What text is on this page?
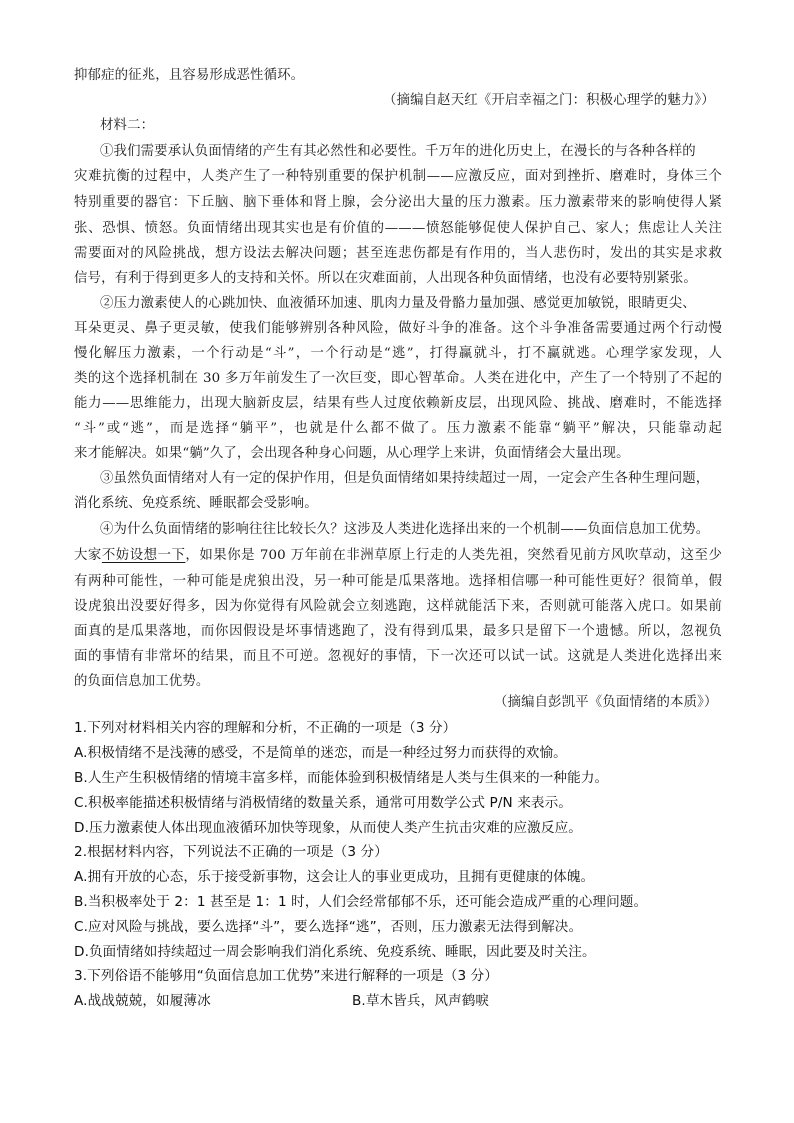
抑郁症的征兆，且容易形成恶性循环。
（摘编自赵天红《开启幸福之门：积极心理学的魅力》）
材料二：
①我们需要承认负面情绪的产生有其必然性和必要性。千万年的进化历史上，在漫长的与各种各样的
灾难抗衡的过程中，人类产生了一种特别重要的保护机制——应激反应，面对到挫折、磨难时，身体三个
特别重要的器官：下丘脑、脑下垂体和肾上腺，会分泌出大量的压力激素。压力激素带来的影响使得人紧
张、恐惧、愤怒。负面情绪出现其实也是有价值的———愤怒能够促使人保护自己、家人；焦虑让人关注
需要面对的风险挑战，想方设法去解决问题；甚至连悲伤都是有作用的，当人悲伤时，发出的其实是求救
信号，有利于得到更多人的支持和关怀。所以在灾难面前，人出现各种负面情绪，也没有必要特别紧张。
②压力激素使人的心跳加快、血液循环加速、肌肉力量及骨骼力量加强、感觉更加敏锐，眼睛更尖、
耳朵更灵、鼻子更灵敏，使我们能够辨别各种风险，做好斗争的准备。这个斗争准备需要通过两个行动慢
慢化解压力激素，一个行动是“斗”，一个行动是“逃”，打得赢就斗，打不赢就逃。心理学家发现，人
类的这个选择机制在 30 多万年前发生了一次巨变，即心智革命。人类在进化中，产生了一个特别了不起的
能力——思维能力，出现大脑新皮层，结果有些人过度依赖新皮层，出现风险、挑战、磨难时，不能选择
“斗”或“逃”，而是选择“躺平”，也就是什么都不做了。压力激素不能靠“躺平”解决，只能靠动起
来才能解决。如果“躺”久了，会出现各种身心问题，从心理学上来讲，负面情绪会大量出现。
③虽然负面情绪对人有一定的保护作用，但是负面情绪如果持续超过一周，一定会产生各种生理问题，
消化系统、免疫系统、睡眠都会受影响。
④为什么负面情绪的影响往往比较长久？这涉及人类进化选择出来的一个机制——负面信息加工优势。
大家不妨设想一下，如果你是 700 万年前在非洲草原上行走的人类先祖，突然看见前方风吹草动，这至少
有两种可能性，一种可能是虎狼出没，另一种可能是瓜果落地。选择相信哪一种可能性更好？很简单，假
设虎狼出没要好得多，因为你觉得有风险就会立刻逃跑，这样就能活下来，否则就可能落入虎口。如果前
面真的是瓜果落地，而你因假设是坏事情逃跑了，没有得到瓜果，最多只是留下一个遗憾。所以，忽视负
面的事情有非常坏的结果，而且不可逆。忽视好的事情，下一次还可以试一试。这就是人类进化选择出来
的负面信息加工优势。
（摘编自彭凯平《负面情绪的本质》）
1.下列对材料相关内容的理解和分析，不正确的一项是（3 分）
A.积极情绪不是浅薄的感受，不是简单的迷恋，而是一种经过努力而获得的欢愉。
B.人生产生积极情绪的情境丰富多样，而能体验到积极情绪是人类与生俱来的一种能力。
C.积极率能描述积极情绪与消极情绪的数量关系，通常可用数学公式 P/N 来表示。
D.压力激素使人体出现血液循环加快等现象，从而使人类产生抗击灾难的应激反应。
2.根据材料内容，下列说法不正确的一项是（3 分）
A.拥有开放的心态，乐于接受新事物，这会让人的事业更成功，且拥有更健康的体魄。
B.当积极率处于 2：1 甚至是 1：1 时，人们会经常郁郁不乐，还可能会造成严重的心理问题。
C.应对风险与挑战，要么选择“斗”，要么选择“逃”，否则，压力激素无法得到解决。
D.负面情绪如持续超过一周会影响我们消化系统、免疫系统、睡眠，因此要及时关注。
3.下列俗语不能够用“负面信息加工优势”来进行解释的一项是（3 分）
A.战战兢兢，如履薄冰	B.草木皆兵，风声鹤唳
